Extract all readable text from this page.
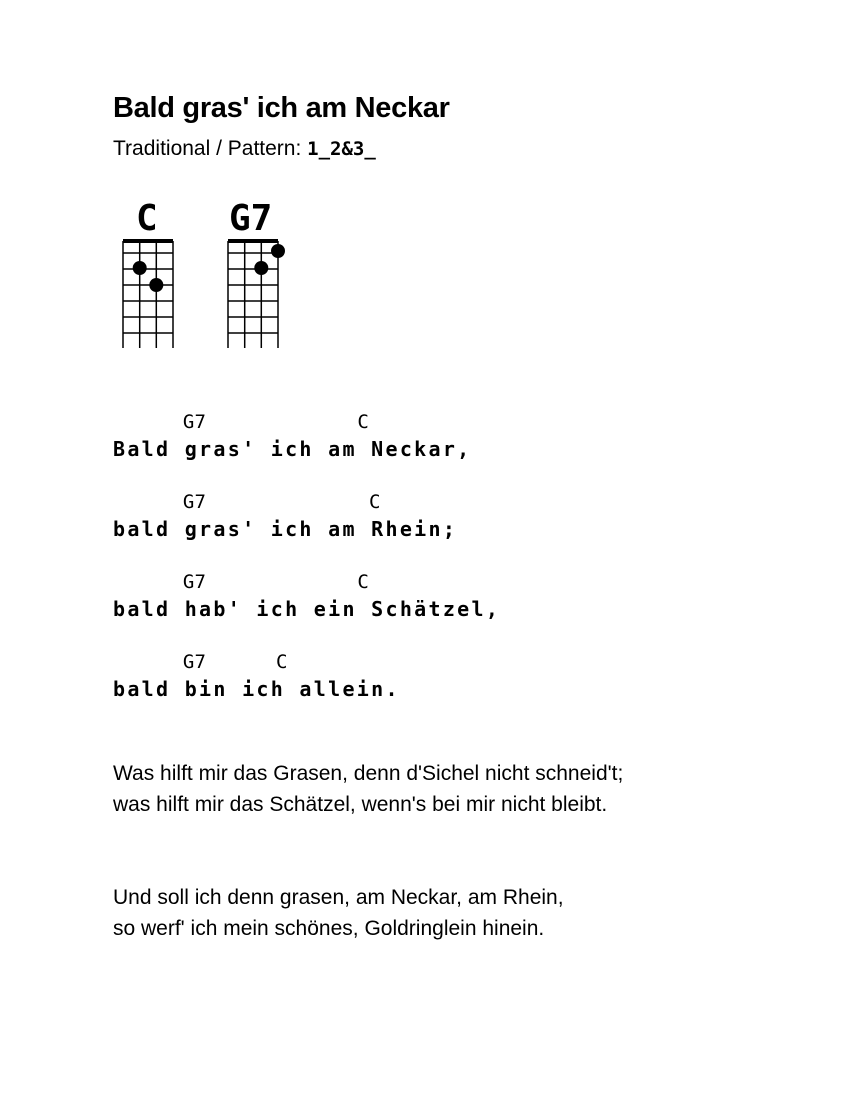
Bald gras' ich am Neckar
Traditional / Pattern: 1_2&3_
C G7
G7             C
Bald gras' ich am Neckar,
G7              C
bald gras' ich am Rhein;
G7             C
bald hab' ich ein Schätzel,
G7      C
bald bin ich allein.
Was hilft mir das Grasen, denn d'Sichel nicht schneid't;
was hilft mir das Schätzel, wenn's bei mir nicht bleibt.
Und soll ich denn grasen, am Neckar, am Rhein,
so werf' ich mein schönes, Goldringlein hinein.
